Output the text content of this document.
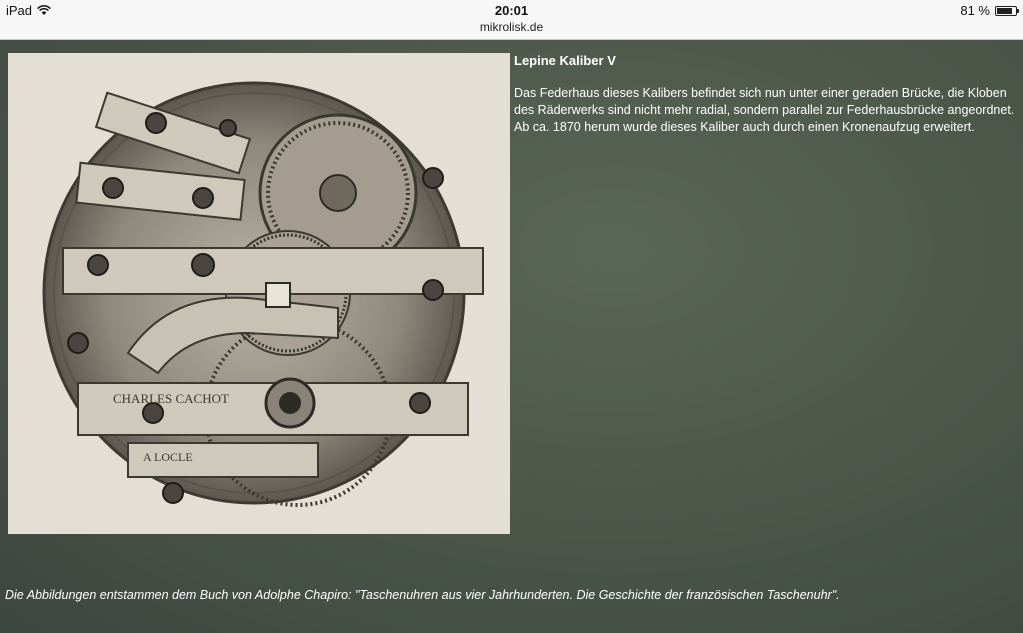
iPad	20:01
mikrolisk.de
81 %
CHARLES CACHOT
A LOCLE

Lepine Kaliber V

Das Federhaus dieses Kalibers befindet sich nun unter einer geraden Brücke, die Kloben des Räderwerks sind nicht mehr radial, sondern parallel zur Federhausbrücke angeordnet. Ab ca. 1870 herum wurde dieses Kaliber auch durch einen Kronenaufzug erweitert.

Die Abbildungen entstammen dem Buch von Adolphe Chapiro: "Taschenuhren aus vier Jahrhunderten. Die Geschichte der französischen Taschenuhr".
